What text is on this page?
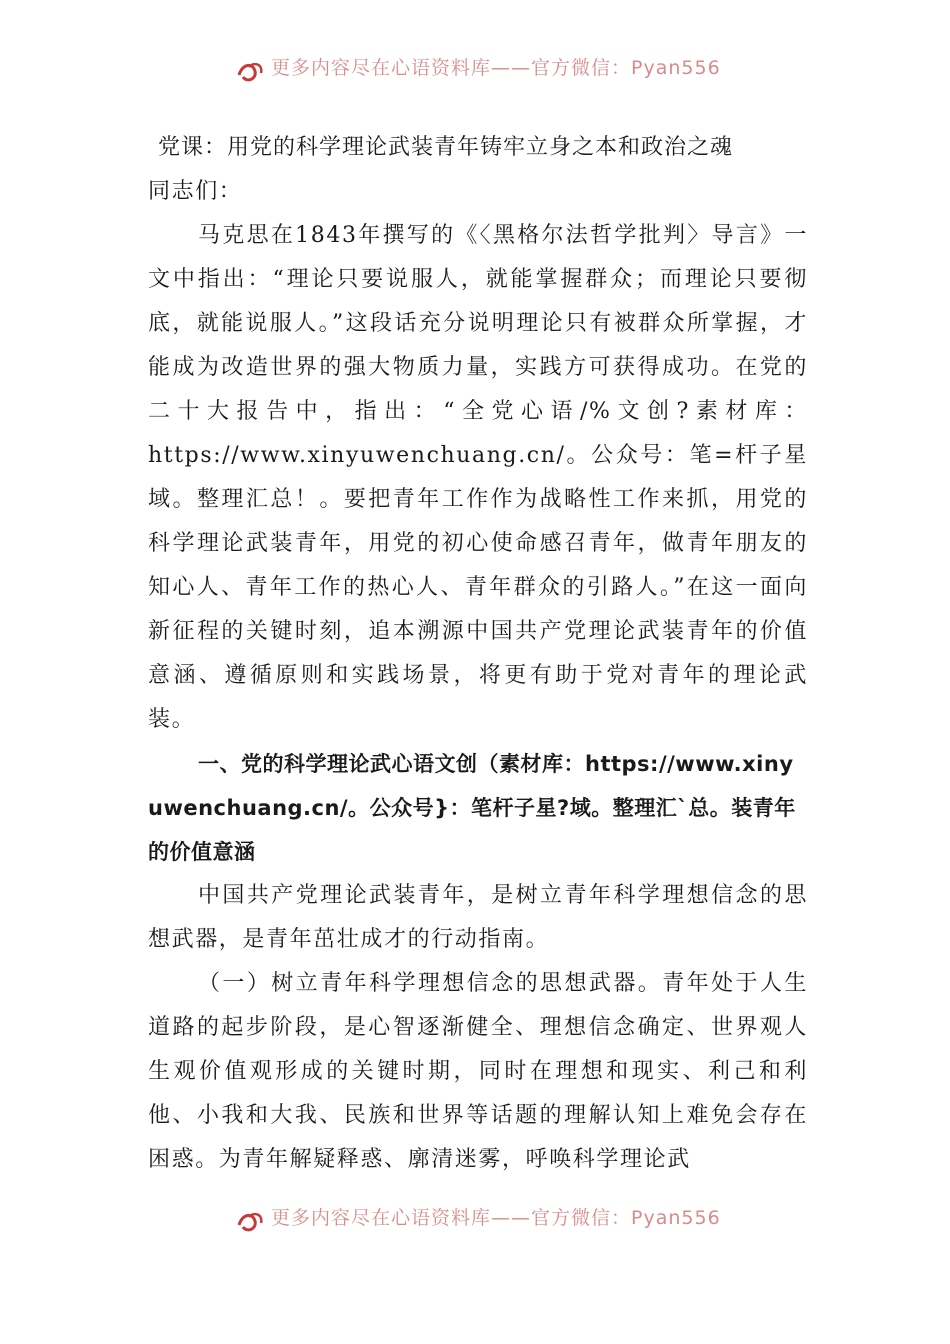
更多内容尽在心语资料库——官方微信：Pyan556

党课：用党的科学理论武装青年铸牢立身之本和政治之魂

同志们：

马克思在1843年撰写的《〈黑格尔法哲学批判〉导言》一文中指出：“理论只要说服人，就能掌握群众；而理论只要彻底，就能说服人。”这段话充分说明理论只有被群众所掌握，才能成为改造世界的强大物质力量，实践方可获得成功。在党的二十大报告中，指出：“全党心语/%文创?素材库：https://www.xinyuwenchuang.cn/。公众号：笔=杆子星域。整理汇总！。要把青年工作作为战略性工作来抓，用党的科学理论武装青年，用党的初心使命感召青年，做青年朋友的知心人、青年工作的热心人、青年群众的引路人。”在这一面向新征程的关键时刻，追本溯源中国共产党理论武装青年的价值意涵、遵循原则和实践场景，将更有助于党对青年的理论武装。

一、党的科学理论武心语文创（素材库：https://www.xinyuwenchuang.cn/。公众号}：笔杆子星?域。整理汇`总。装青年的价值意涵

中国共产党理论武装青年，是树立青年科学理想信念的思想武器，是青年茁壮成才的行动指南。

（一）树立青年科学理想信念的思想武器。青年处于人生道路的起步阶段，是心智逐渐健全、理想信念确定、世界观人生观价值观形成的关键时期，同时在理想和现实、利己和利他、小我和大我、民族和世界等话题的理解认知上难免会存在困惑。为青年解疑释惑、廓清迷雾，呼唤科学理论武

更多内容尽在心语资料库——官方微信：Pyan556
